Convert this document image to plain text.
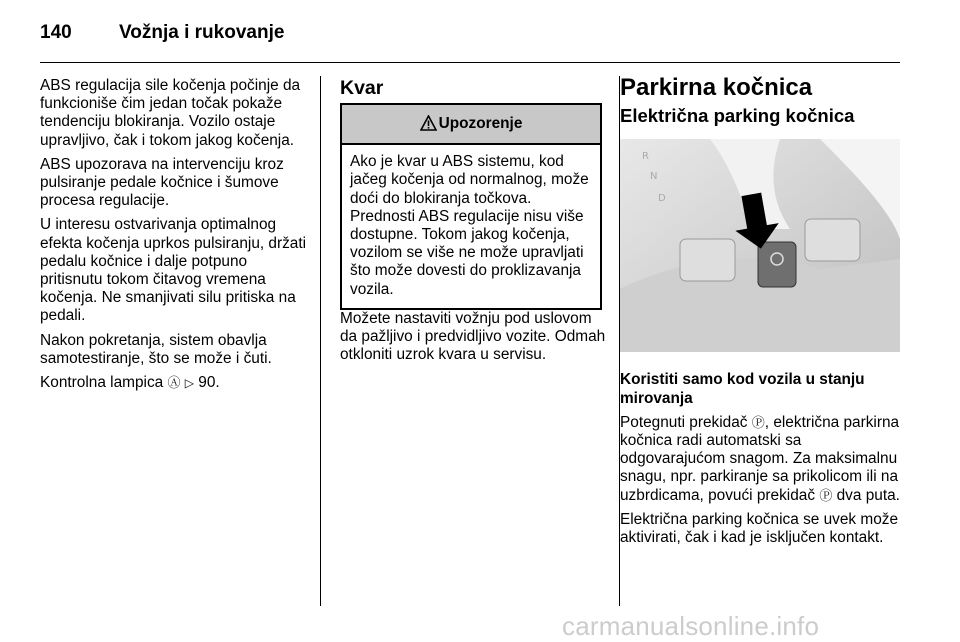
140 Vožnja i rukovanje

ABS regulacija sile kočenja počinje da funkcioniše čim jedan točak pokaže tendenciju blokiranja. Vozilo ostaje upravljivo, čak i tokom jakog kočenja.

ABS upozorava na intervenciju kroz pulsiranje pedale kočnice i šumove procesa regulacije.

U interesu ostvarivanja optimalnog efekta kočenja uprkos pulsiranju, držati pedalu kočnice i dalje potpuno pritisnutu tokom čitavog vremena kočenja. Ne smanjivati silu pritiska na pedali.

Nakon pokretanja, sistem obavlja samotestiranje, što se može i čuti.

Kontrolna lampica Ⓐ ▷ 90.

Kvar
Upozorenje
Ako je kvar u ABS sistemu, kod jačeg kočenja od normalnog, može doći do blokiranja točkova. Prednosti ABS regulacije nisu više dostupne. Tokom jakog kočenja, vozilom se više ne može upravljati što može dovesti do proklizavanja vozila.

Možete nastaviti vožnju pod uslovom da pažljivo i predvidljivo vozite. Odmah otkloniti uzrok kvara u servisu.

Parkirna kočnica
Električna parking kočnica
R
N
D

Koristiti samo kod vozila u stanju mirovanja

Potegnuti prekidač Ⓟ, električna parkirna kočnica radi automatski sa odgovarajućom snagom. Za maksimalnu snagu, npr. parkiranje sa prikolicom ili na uzbrdicama, povući prekidač Ⓟ dva puta.

Električna parking kočnica se uvek može aktivirati, čak i kad je isključen kontakt.

carmanualsonline.info
